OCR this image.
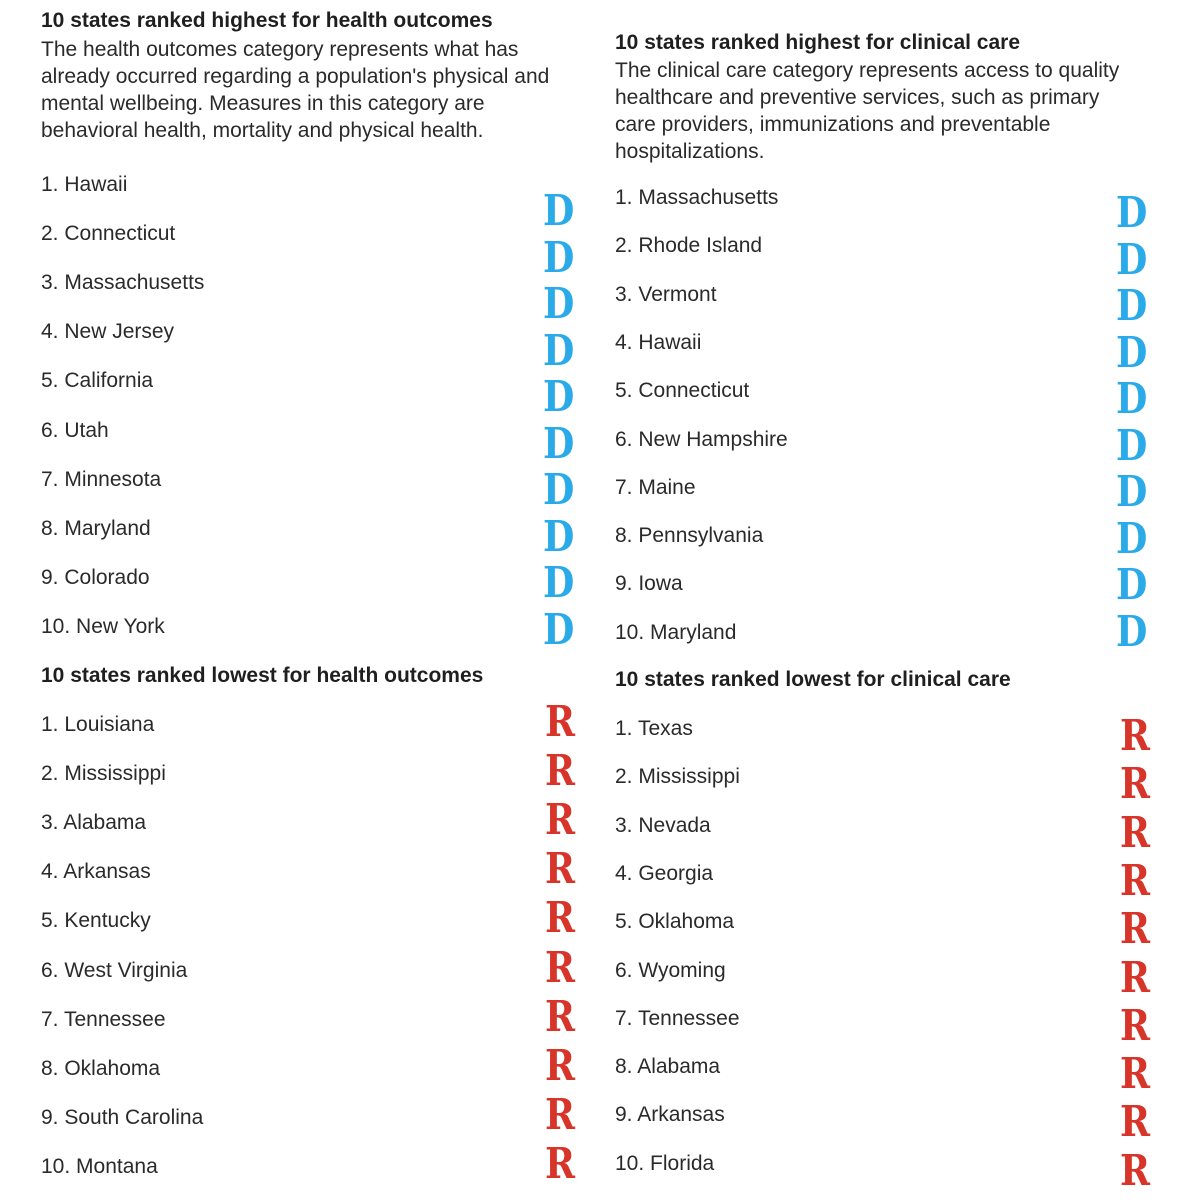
10 states ranked highest for health outcomes
The health outcomes category represents what has already occurred regarding a population's physical and mental wellbeing. Measures in this category are behavioral health, mortality and physical health.
1. Hawaii
2. Connecticut
3. Massachusetts
4. New Jersey
5. California
6. Utah
7. Minnesota
8. Maryland
9. Colorado
10. New York
10 states ranked lowest for health outcomes
1. Louisiana
2. Mississippi
3. Alabama
4. Arkansas
5. Kentucky
6. West Virginia
7. Tennessee
8. Oklahoma
9. South Carolina
10. Montana
D
D
D
D
D
D
D
D
D
D
R
R
R
R
R
R
R
R
R
R
10 states ranked highest for clinical care
The clinical care category represents access to quality healthcare and preventive services, such as primary care providers, immunizations and preventable hospitalizations.
1. Massachusetts
2. Rhode Island
3. Vermont
4. Hawaii
5. Connecticut
6. New Hampshire
7. Maine
8. Pennsylvania
9. Iowa
10. Maryland
10 states ranked lowest for clinical care
1. Texas
2. Mississippi
3. Nevada
4. Georgia
5. Oklahoma
6. Wyoming
7. Tennessee
8. Alabama
9. Arkansas
10. Florida
D
D
D
D
D
D
D
D
D
D
R
R
R
R
R
R
R
R
R
R
